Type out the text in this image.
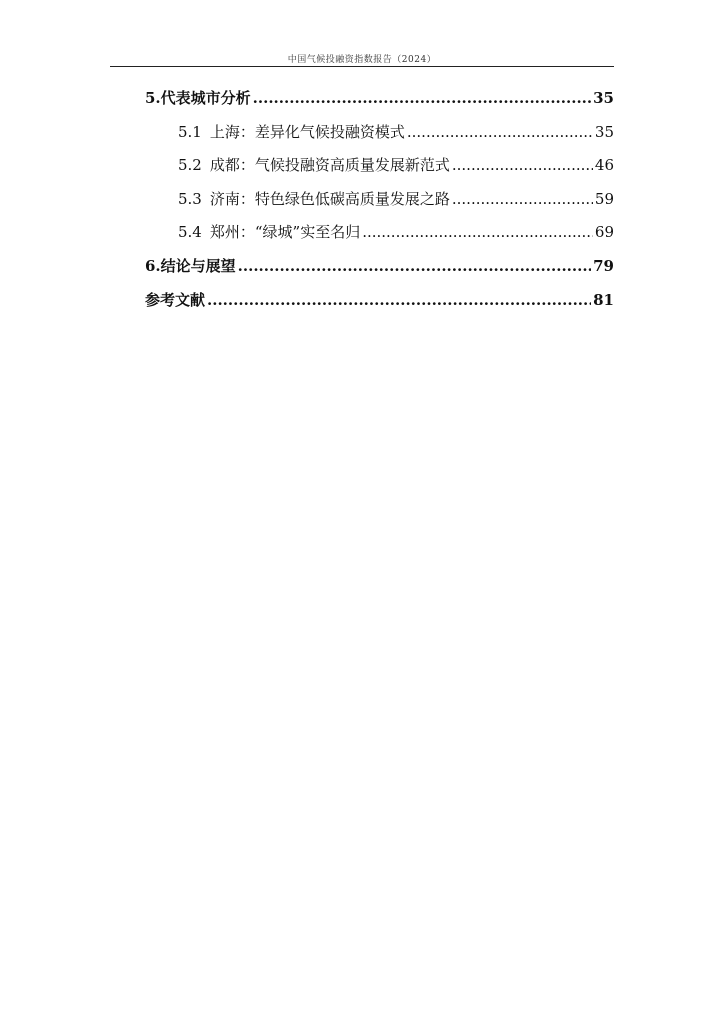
中国气候投融资指数报告（2024）
5.代表城市分析 .....	35
5.1 上海：差异化气候投融资模式 .....	35
5.2 成都：气候投融资高质量发展新范式 .....	46
5.3 济南：特色绿色低碳高质量发展之路 .....	59
5.4 郑州：“绿城”实至名归 .....	69
6.结论与展望 .....	79
参考文献 .....	81
